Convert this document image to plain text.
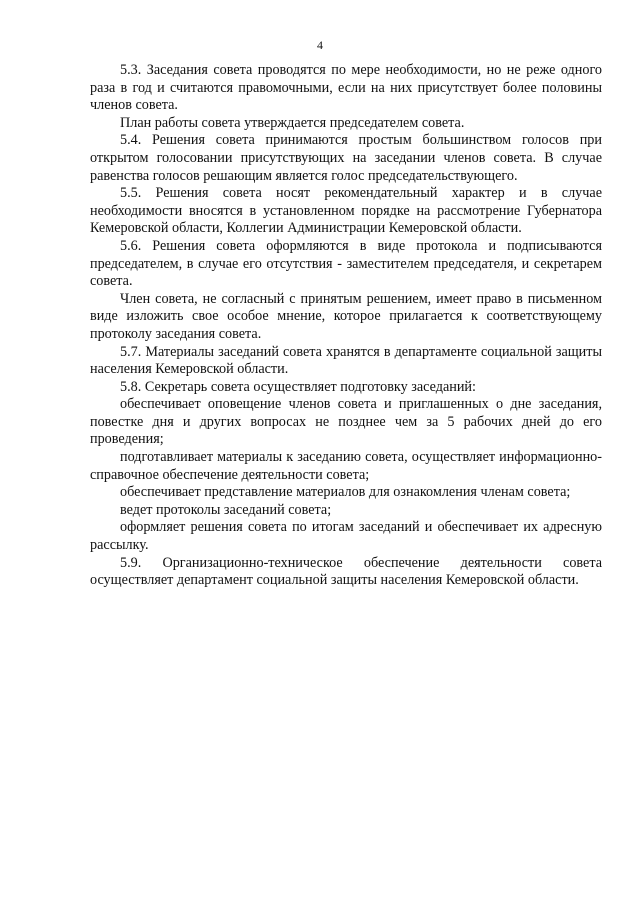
4

5.3. Заседания совета проводятся по мере необходимости, но не реже одного раза в год и считаются правомочными, если на них присутствует более половины членов совета.

План работы совета утверждается председателем совета.

5.4. Решения совета принимаются простым большинством голосов при открытом голосовании присутствующих на заседании членов совета. В случае равенства голосов решающим является голос председательствующего.

5.5. Решения совета носят рекомендательный характер и в случае необходимости вносятся в установленном порядке на рассмотрение Губернатора Кемеровской области, Коллегии Администрации Кемеровской области.

5.6. Решения совета оформляются в виде протокола и подписываются председателем, в случае его отсутствия - заместителем председателя, и секретарем совета.

Член совета, не согласный с принятым решением, имеет право в письменном виде изложить свое особое мнение, которое прилагается к соответствующему протоколу заседания совета.

5.7. Материалы заседаний совета хранятся в департаменте социальной защиты населения Кемеровской области.

5.8. Секретарь совета осуществляет подготовку заседаний:

обеспечивает оповещение членов совета и приглашенных о дне заседания, повестке дня и других вопросах не позднее чем за 5 рабочих дней до его проведения;

подготавливает материалы к заседанию совета, осуществляет информационно-справочное обеспечение деятельности совета;

обеспечивает представление материалов для ознакомления членам совета;

ведет протоколы заседаний совета;

оформляет решения совета по итогам заседаний и обеспечивает их адресную рассылку.

5.9. Организационно-техническое обеспечение деятельности совета осуществляет департамент социальной защиты населения Кемеровской области.
